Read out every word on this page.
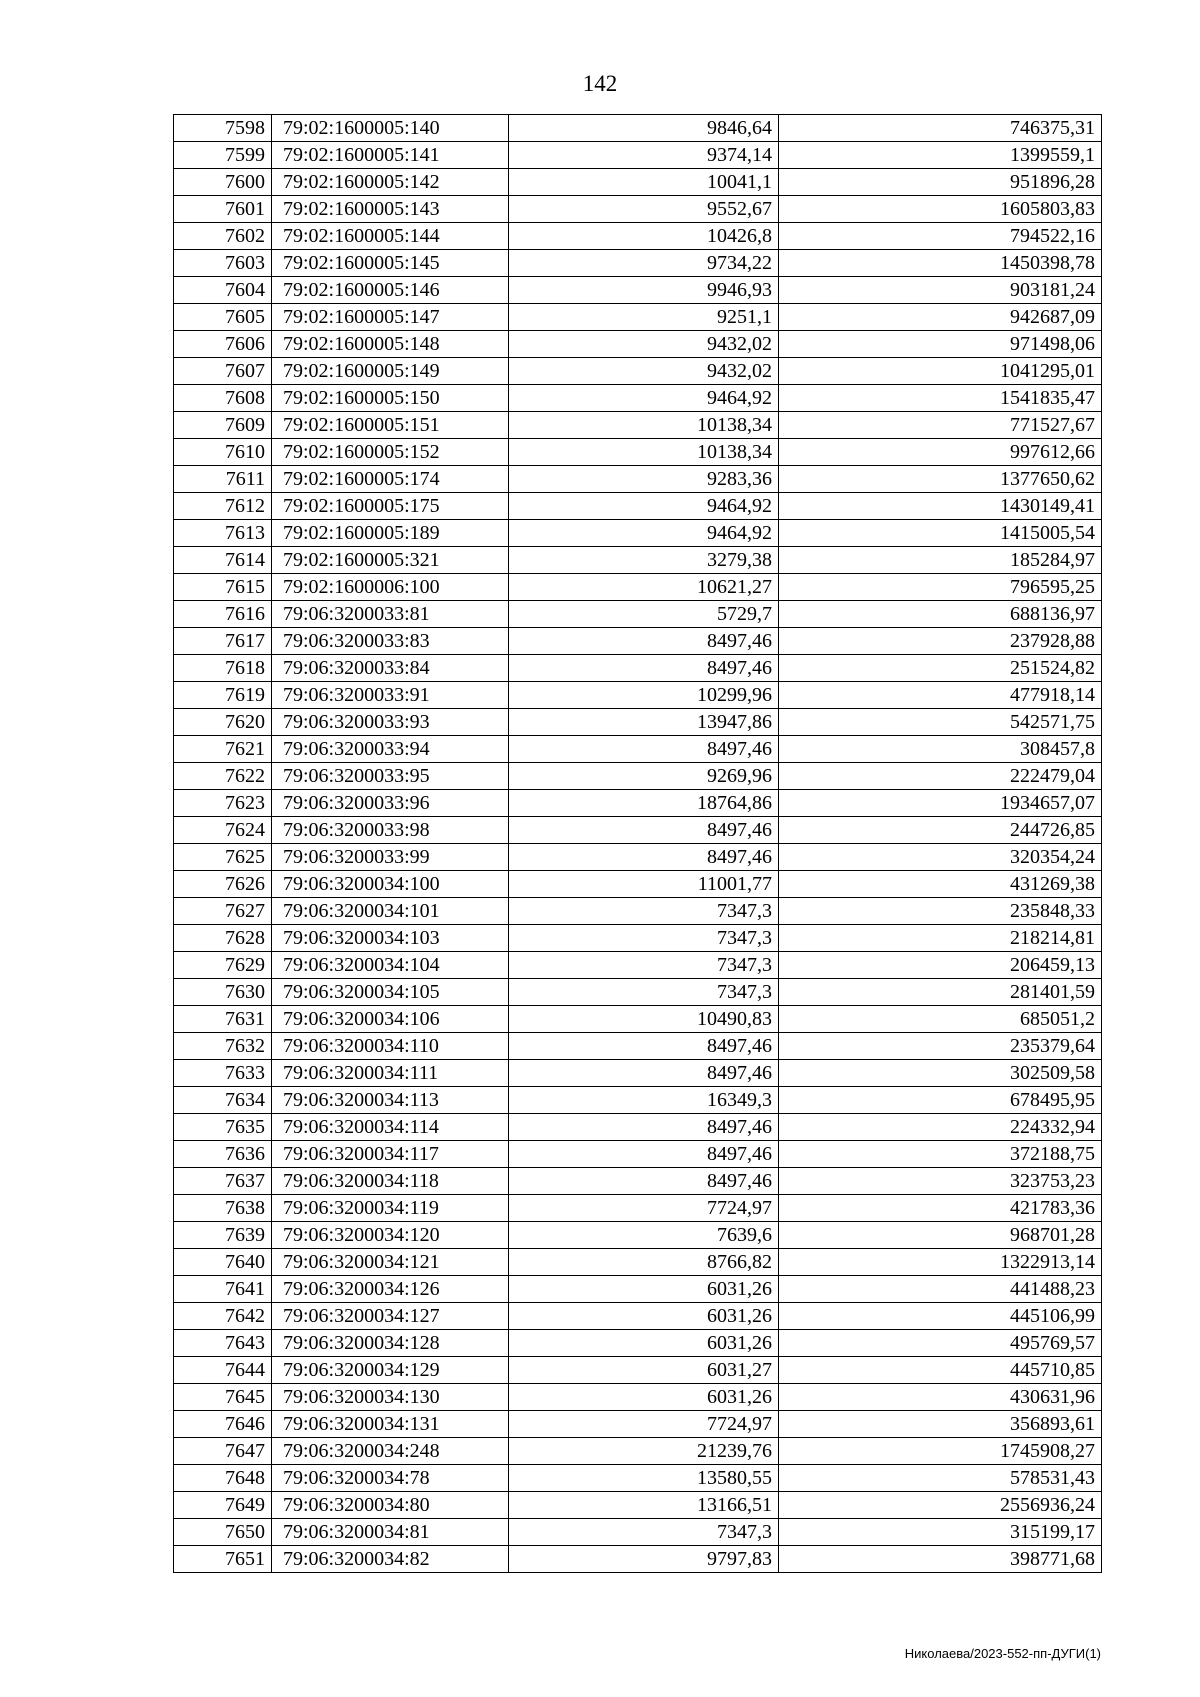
142
7598	79:02:1600005:140	9846,64	746375,31
7599	79:02:1600005:141	9374,14	1399559,1
7600	79:02:1600005:142	10041,1	951896,28
7601	79:02:1600005:143	9552,67	1605803,83
7602	79:02:1600005:144	10426,8	794522,16
7603	79:02:1600005:145	9734,22	1450398,78
7604	79:02:1600005:146	9946,93	903181,24
7605	79:02:1600005:147	9251,1	942687,09
7606	79:02:1600005:148	9432,02	971498,06
7607	79:02:1600005:149	9432,02	1041295,01
7608	79:02:1600005:150	9464,92	1541835,47
7609	79:02:1600005:151	10138,34	771527,67
7610	79:02:1600005:152	10138,34	997612,66
7611	79:02:1600005:174	9283,36	1377650,62
7612	79:02:1600005:175	9464,92	1430149,41
7613	79:02:1600005:189	9464,92	1415005,54
7614	79:02:1600005:321	3279,38	185284,97
7615	79:02:1600006:100	10621,27	796595,25
7616	79:06:3200033:81	5729,7	688136,97
7617	79:06:3200033:83	8497,46	237928,88
7618	79:06:3200033:84	8497,46	251524,82
7619	79:06:3200033:91	10299,96	477918,14
7620	79:06:3200033:93	13947,86	542571,75
7621	79:06:3200033:94	8497,46	308457,8
7622	79:06:3200033:95	9269,96	222479,04
7623	79:06:3200033:96	18764,86	1934657,07
7624	79:06:3200033:98	8497,46	244726,85
7625	79:06:3200033:99	8497,46	320354,24
7626	79:06:3200034:100	11001,77	431269,38
7627	79:06:3200034:101	7347,3	235848,33
7628	79:06:3200034:103	7347,3	218214,81
7629	79:06:3200034:104	7347,3	206459,13
7630	79:06:3200034:105	7347,3	281401,59
7631	79:06:3200034:106	10490,83	685051,2
7632	79:06:3200034:110	8497,46	235379,64
7633	79:06:3200034:111	8497,46	302509,58
7634	79:06:3200034:113	16349,3	678495,95
7635	79:06:3200034:114	8497,46	224332,94
7636	79:06:3200034:117	8497,46	372188,75
7637	79:06:3200034:118	8497,46	323753,23
7638	79:06:3200034:119	7724,97	421783,36
7639	79:06:3200034:120	7639,6	968701,28
7640	79:06:3200034:121	8766,82	1322913,14
7641	79:06:3200034:126	6031,26	441488,23
7642	79:06:3200034:127	6031,26	445106,99
7643	79:06:3200034:128	6031,26	495769,57
7644	79:06:3200034:129	6031,27	445710,85
7645	79:06:3200034:130	6031,26	430631,96
7646	79:06:3200034:131	7724,97	356893,61
7647	79:06:3200034:248	21239,76	1745908,27
7648	79:06:3200034:78	13580,55	578531,43
7649	79:06:3200034:80	13166,51	2556936,24
7650	79:06:3200034:81	7347,3	315199,17
7651	79:06:3200034:82	9797,83	398771,68
Николаева/2023-552-пп-ДУГИ(1)
